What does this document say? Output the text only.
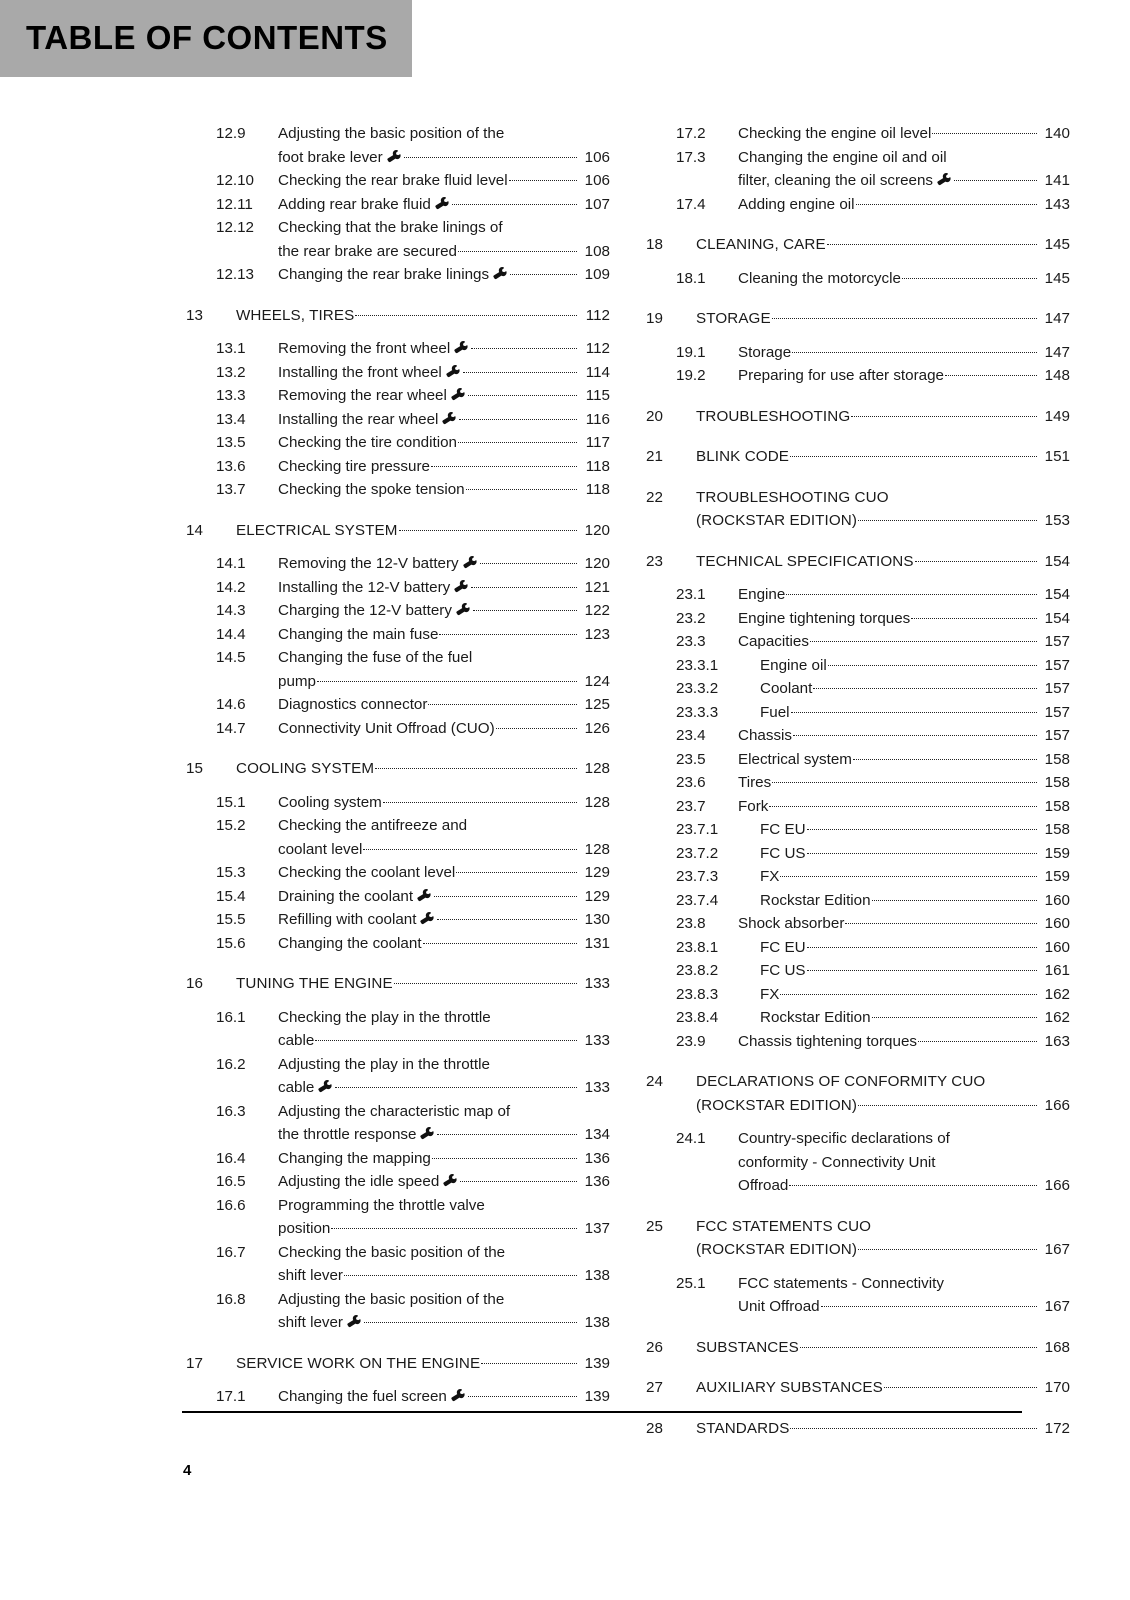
TABLE OF CONTENTS
12.9	Adjusting the basic position of the
foot brake lever	106
12.10	Checking the rear brake fluid level	106
12.11	Adding rear brake fluid	107
12.12	Checking that the brake linings of
the rear brake are secured	108
12.13	Changing the rear brake linings	109
13	WHEELS, TIRES	112
13.1	Removing the front wheel	112
13.2	Installing the front wheel	114
13.3	Removing the rear wheel	115
13.4	Installing the rear wheel	116
13.5	Checking the tire condition	117
13.6	Checking tire pressure	118
13.7	Checking the spoke tension	118
14	ELECTRICAL SYSTEM	120
14.1	Removing the 12-V battery	120
14.2	Installing the 12-V battery	121
14.3	Charging the 12-V battery	122
14.4	Changing the main fuse	123
14.5	Changing the fuse of the fuel
pump	124
14.6	Diagnostics connector	125
14.7	Connectivity Unit Offroad (CUO)	126
15	COOLING SYSTEM	128
15.1	Cooling system	128
15.2	Checking the antifreeze and
coolant level	128
15.3	Checking the coolant level	129
15.4	Draining the coolant	129
15.5	Refilling with coolant	130
15.6	Changing the coolant	131
16	TUNING THE ENGINE	133
16.1	Checking the play in the throttle
cable	133
16.2	Adjusting the play in the throttle
cable	133
16.3	Adjusting the characteristic map of
the throttle response	134
16.4	Changing the mapping	136
16.5	Adjusting the idle speed	136
16.6	Programming the throttle valve
position	137
16.7	Checking the basic position of the
shift lever	138
16.8	Adjusting the basic position of the
shift lever	138
17	SERVICE WORK ON THE ENGINE	139
17.1	Changing the fuel screen	139
17.2	Checking the engine oil level	140
17.3	Changing the engine oil and oil
filter, cleaning the oil screens	141
17.4	Adding engine oil	143
18	CLEANING, CARE	145
18.1	Cleaning the motorcycle	145
19	STORAGE	147
19.1	Storage	147
19.2	Preparing for use after storage	148
20	TROUBLESHOOTING	149
21	BLINK CODE	151
22	TROUBLESHOOTING CUO
(ROCKSTAR EDITION)	153
23	TECHNICAL SPECIFICATIONS	154
23.1	Engine	154
23.2	Engine tightening torques	154
23.3	Capacities	157
23.3.1	Engine oil	157
23.3.2	Coolant	157
23.3.3	Fuel	157
23.4	Chassis	157
23.5	Electrical system	158
23.6	Tires	158
23.7	Fork	158
23.7.1	FC EU	158
23.7.2	FC US	159
23.7.3	FX	159
23.7.4	Rockstar Edition	160
23.8	Shock absorber	160
23.8.1	FC EU	160
23.8.2	FC US	161
23.8.3	FX	162
23.8.4	Rockstar Edition	162
23.9	Chassis tightening torques	163
24	DECLARATIONS OF CONFORMITY CUO
(ROCKSTAR EDITION)	166
24.1	Country-specific declarations of
conformity - Connectivity Unit
Offroad	166
25	FCC STATEMENTS CUO
(ROCKSTAR EDITION)	167
25.1	FCC statements - Connectivity
Unit Offroad	167
26	SUBSTANCES	168
27	AUXILIARY SUBSTANCES	170
28	STANDARDS	172
4
